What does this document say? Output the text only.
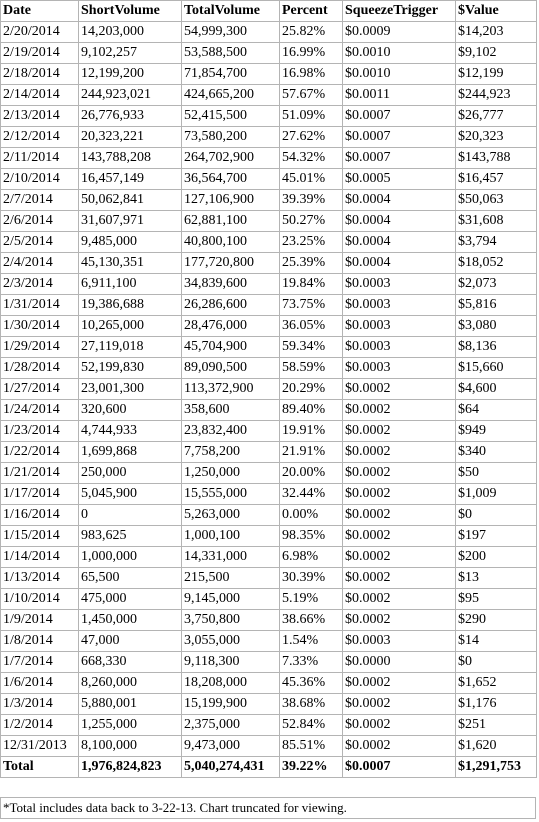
Date	ShortVolume	TotalVolume	Percent	SqueezeTrigger	$Value
2/20/2014	14,203,000	54,999,300	25.82%	$0.0009	$14,203
2/19/2014	9,102,257	53,588,500	16.99%	$0.0010	$9,102
2/18/2014	12,199,200	71,854,700	16.98%	$0.0010	$12,199
2/14/2014	244,923,021	424,665,200	57.67%	$0.0011	$244,923
2/13/2014	26,776,933	52,415,500	51.09%	$0.0007	$26,777
2/12/2014	20,323,221	73,580,200	27.62%	$0.0007	$20,323
2/11/2014	143,788,208	264,702,900	54.32%	$0.0007	$143,788
2/10/2014	16,457,149	36,564,700	45.01%	$0.0005	$16,457
2/7/2014	50,062,841	127,106,900	39.39%	$0.0004	$50,063
2/6/2014	31,607,971	62,881,100	50.27%	$0.0004	$31,608
2/5/2014	9,485,000	40,800,100	23.25%	$0.0004	$3,794
2/4/2014	45,130,351	177,720,800	25.39%	$0.0004	$18,052
2/3/2014	6,911,100	34,839,600	19.84%	$0.0003	$2,073
1/31/2014	19,386,688	26,286,600	73.75%	$0.0003	$5,816
1/30/2014	10,265,000	28,476,000	36.05%	$0.0003	$3,080
1/29/2014	27,119,018	45,704,900	59.34%	$0.0003	$8,136
1/28/2014	52,199,830	89,090,500	58.59%	$0.0003	$15,660
1/27/2014	23,001,300	113,372,900	20.29%	$0.0002	$4,600
1/24/2014	320,600	358,600	89.40%	$0.0002	$64
1/23/2014	4,744,933	23,832,400	19.91%	$0.0002	$949
1/22/2014	1,699,868	7,758,200	21.91%	$0.0002	$340
1/21/2014	250,000	1,250,000	20.00%	$0.0002	$50
1/17/2014	5,045,900	15,555,000	32.44%	$0.0002	$1,009
1/16/2014	0	5,263,000	0.00%	$0.0002	$0
1/15/2014	983,625	1,000,100	98.35%	$0.0002	$197
1/14/2014	1,000,000	14,331,000	6.98%	$0.0002	$200
1/13/2014	65,500	215,500	30.39%	$0.0002	$13
1/10/2014	475,000	9,145,000	5.19%	$0.0002	$95
1/9/2014	1,450,000	3,750,800	38.66%	$0.0002	$290
1/8/2014	47,000	3,055,000	1.54%	$0.0003	$14
1/7/2014	668,330	9,118,300	7.33%	$0.0000	$0
1/6/2014	8,260,000	18,208,000	45.36%	$0.0002	$1,652
1/3/2014	5,880,001	15,199,900	38.68%	$0.0002	$1,176
1/2/2014	1,255,000	2,375,000	52.84%	$0.0002	$251
12/31/2013	8,100,000	9,473,000	85.51%	$0.0002	$1,620
Total	1,976,824,823	5,040,274,431	39.22%	$0.0007	$1,291,753
*Total includes data back to 3-22-13. Chart truncated for viewing.
